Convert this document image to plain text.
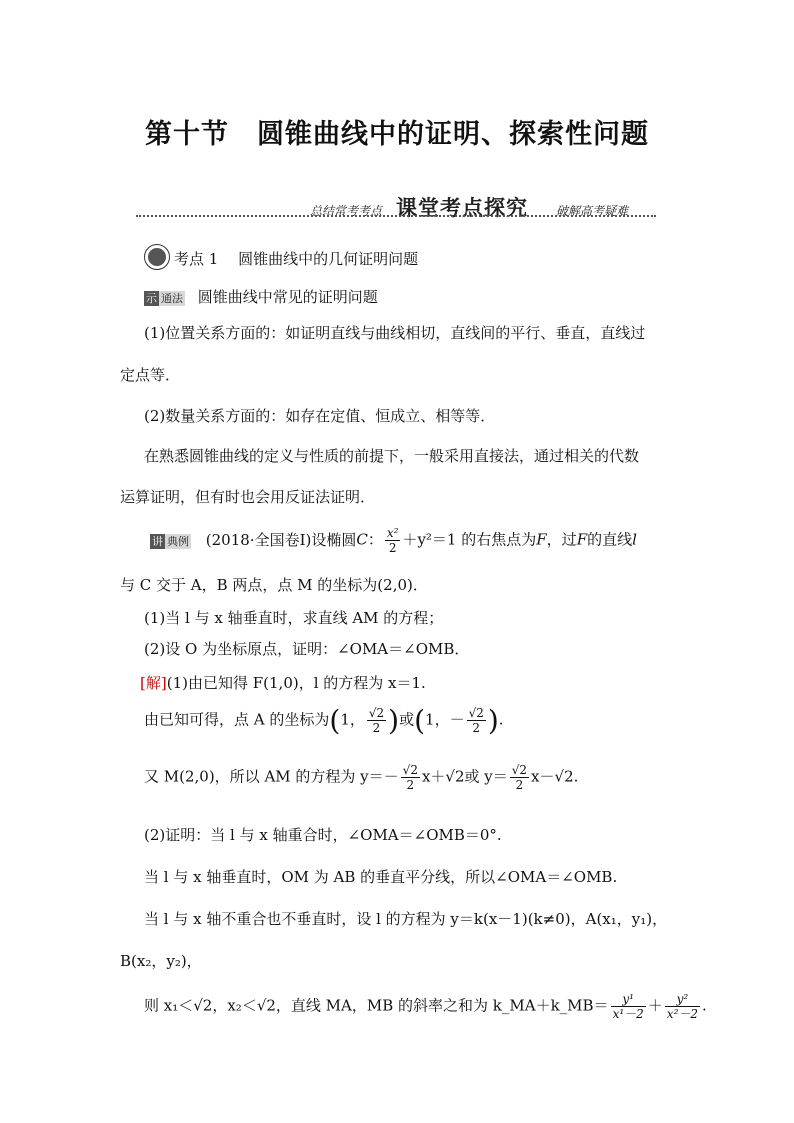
第十节　圆锥曲线中的证明、探索性问题
总结常考考点 课堂考点探究 破解高考疑难
考点 1　 圆锥曲线中的几何证明问题
示 通法 圆锥曲线中常见的证明问题
(1)位置关系方面的：如证明直线与曲线相切，直线间的平行、垂直，直线过
定点等．
(2)数量关系方面的：如存在定值、恒成立、相等等．
在熟悉圆锥曲线的定义与性质的前提下，一般采用直接法，通过相关的代数
运算证明，但有时也会用反证法证明．
讲 典例 (2018·全国卷Ⅰ)设椭圆C： $\frac{\text{x²}}{2} +y^2=1$ 的右焦点为F，过F的直线l
与 C 交于 A，B 两点，点 M 的坐标为(2,0)．
(1)当 l 与 x 轴垂直时，求直线 AM 的方程；
(2)设 O 为坐标原点，证明：∠OMA＝∠OMB．
[解](1)由已知得 F(1,0)，l 的方程为 x＝1.
由已知可得，点 A 的坐标为(1， $\frac{√2}{2}$ )或(1，－ $\frac{√2}{2}$ ).
又 M(2,0)，所以 AM 的方程为 $y=- \frac{√2}{2} x+√2$或 $y= \frac{√2}{2} x-√2$.
(2)证明：当 l 与 x 轴重合时，∠OMA＝∠OMB＝0°.
当 l 与 x 轴垂直时，OM 为 AB 的垂直平分线，所以∠OMA＝∠OMB.
当 l 与 x 轴不重合也不垂直时，设 l 的方程为 y＝k(x－1)(k≠0)，A(x₁，y₁)，
B(x₂，y₂)，
则 x₁＜√2，x₂＜√2，直线 MA，MB 的斜率之和为 k_MA＋k_MB＝ $\frac{\text{y¹}}{\text{x¹－2}} + \frac{\text{y²}}{\text{x²－2}}$ .
